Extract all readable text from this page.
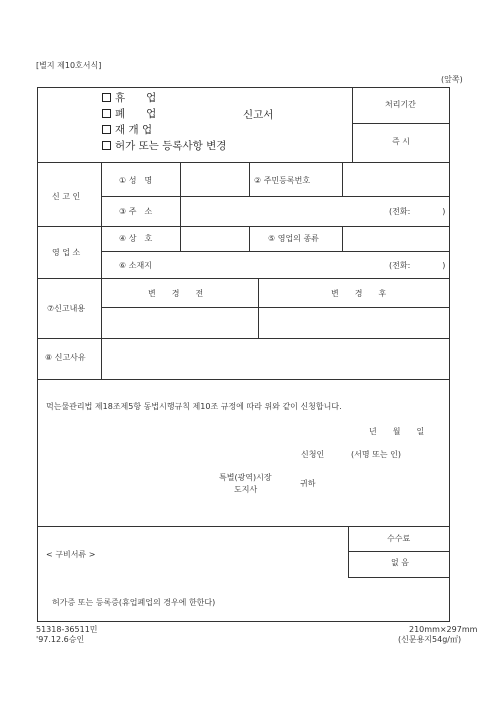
[별지 제10호서식]
(앞쪽)
휴　　업
폐　　업
재 개 업
허가 또는 등록사항 변경
신고서
처리기간
즉 시
신 고 인
① 성　명	② 주민등록번호
③ 주　소	(전화:　　　　)
영 업 소
④ 상　호	⑤ 영업의 종류
⑥ 소재지	(전화:　　　　)
⑦신고내용
변　　경　　전	변　　경　　후
⑧ 신고사유
먹는물관리법 제18조제5항 동법시행규칙 제10조 규정에 따라 위와 같이 신청합니다.
년　　월　　일
신청인	(서명 또는 인)
특별(광역)시장
도지사
귀하
< 구비서류 >
수수료
없 음
허가증 또는 등록증(휴업폐업의 경우에 한한다)
51318-36511민
'97.12.6승인
210mm×297mm
(신문용지54g/㎡)
